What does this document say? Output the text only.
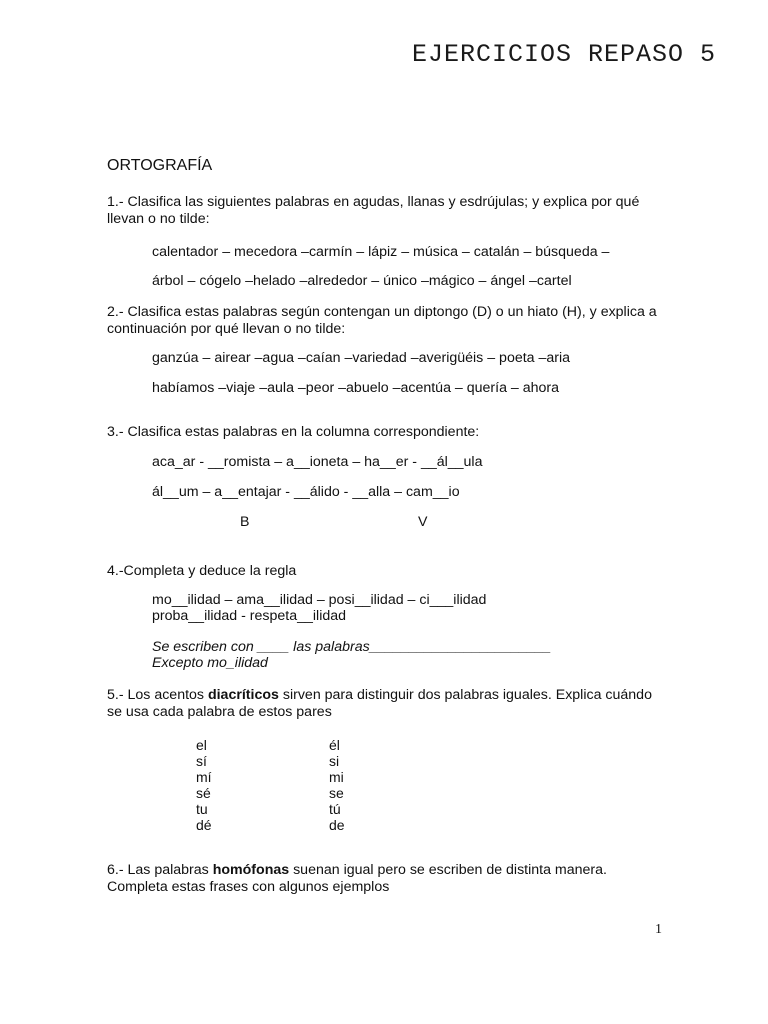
EJERCICIOS REPASO 5
ORTOGRAFÍA
1.- Clasifica las siguientes palabras en agudas, llanas y esdrújulas; y explica por qué llevan o no tilde:
calentador – mecedora –carmín – lápiz – música – catalán – búsqueda –
árbol – cógelo –helado –alrededor – único –mágico – ángel –cartel
2.- Clasifica estas palabras según contengan un diptongo (D) o un hiato (H), y explica a continuación por qué llevan o no tilde:
ganzúa – airear –agua –caían –variedad –averigüéis – poeta –aria
habíamos –viaje –aula –peor –abuelo –acentúa – quería – ahora
3.- Clasifica estas palabras en la columna correspondiente:
aca_ar - __romista – a__ioneta – ha__er - __ál__ula
ál__um – a__entajar - __álido - __alla – cam__io
B	V
4.-Completa y deduce la regla
mo__ilidad – ama__ilidad – posi__ilidad – ci___ilidad
proba__ilidad - respeta__ilidad
Se escriben con ____ las palabras_______________________
Excepto mo_ilidad
5.- Los acentos diacríticos sirven para distinguir dos palabras iguales. Explica cuándo se usa cada palabra de estos pares
el	él
sí	si
mí	mi
sé	se
tu	tú
dé	de
6.- Las palabras homófonas suenan igual pero se escriben de distinta manera. Completa estas frases con algunos ejemplos
1
